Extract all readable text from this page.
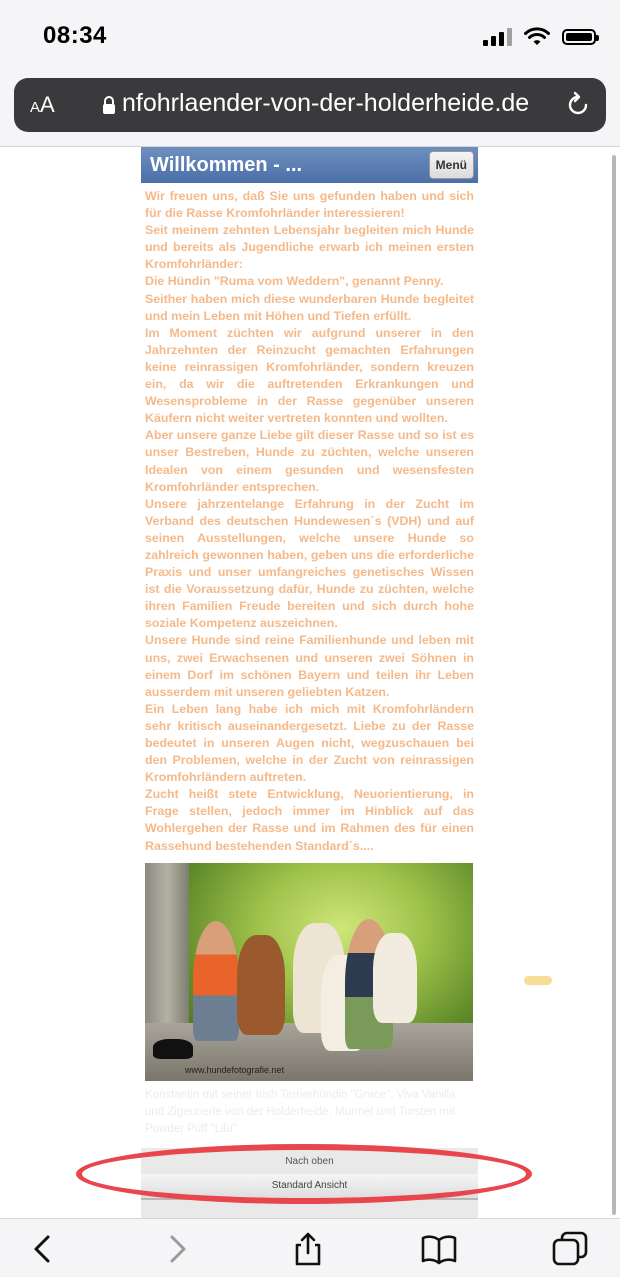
08:34
AA	nfohrlaender-von-der-holderheide.de
Willkommen - ...	Menü

Wir freuen uns, daß Sie uns gefunden haben und sich für die Rasse Kromfohrländer interessieren!

Seit meinem zehnten Lebensjahr begleiten mich Hunde und bereits als Jugendliche erwarb ich meinen ersten Kromfohrländer:

Die Hündin "Ruma vom Weddern", genannt Penny.

Seither haben mich diese wunderbaren Hunde begleitet und mein Leben mit Höhen und Tiefen erfüllt.

Im Moment züchten wir aufgrund unserer in den Jahrzehnten der Reinzucht gemachten Erfahrungen keine reinrassigen Kromfohrländer, sondern kreuzen ein, da wir die auftretenden Erkrankungen und Wesensprobleme in der Rasse gegenüber unseren Käufern nicht weiter vertreten konnten und wollten.

Aber unsere ganze Liebe gilt dieser Rasse und so ist es unser Bestreben, Hunde zu züchten, welche unseren Idealen von einem gesunden und wesensfesten Kromfohrländer entsprechen.

Unsere jahrzentelange Erfahrung in der Zucht im Verband des deutschen Hundewesen´s (VDH) und auf seinen Ausstellungen, welche unsere Hunde so zahlreich gewonnen haben, geben uns die erforderliche Praxis und unser umfangreiches genetisches Wissen ist die Voraussetzung dafür, Hunde zu züchten, welche ihren Familien Freude bereiten und sich durch hohe soziale Kompetenz auszeichnen.

Unsere Hunde sind reine Familienhunde und leben mit uns, zwei Erwachsenen und unseren zwei Söhnen in einem Dorf im schönen Bayern und teilen ihr Leben ausserdem mit unseren geliebten Katzen.

Ein Leben lang habe ich mich mit Kromfohrländern sehr kritisch auseinandergesetzt. Liebe zu der Rasse bedeutet in unseren Augen nicht, wegzuschauen bei den Problemen, welche in der Zucht von reinrassigen Kromfohrländern auftreten.

Zucht heißt stete Entwicklung, Neuorientierung, in Frage stellen, jedoch immer im Hinblick auf das Wohlergehen der Rasse und im Rahmen des für einen Rassehund bestehenden Standard´s....

www.hundefotografie.net
Konstantin mit seiner Irish Terrierhündin "Grace", Viva Vanilla und Zigeunerle von der Holderheide, Murmel und Torsten mit Powder Puff "Lilu"
Nach oben
Standard Ansicht
